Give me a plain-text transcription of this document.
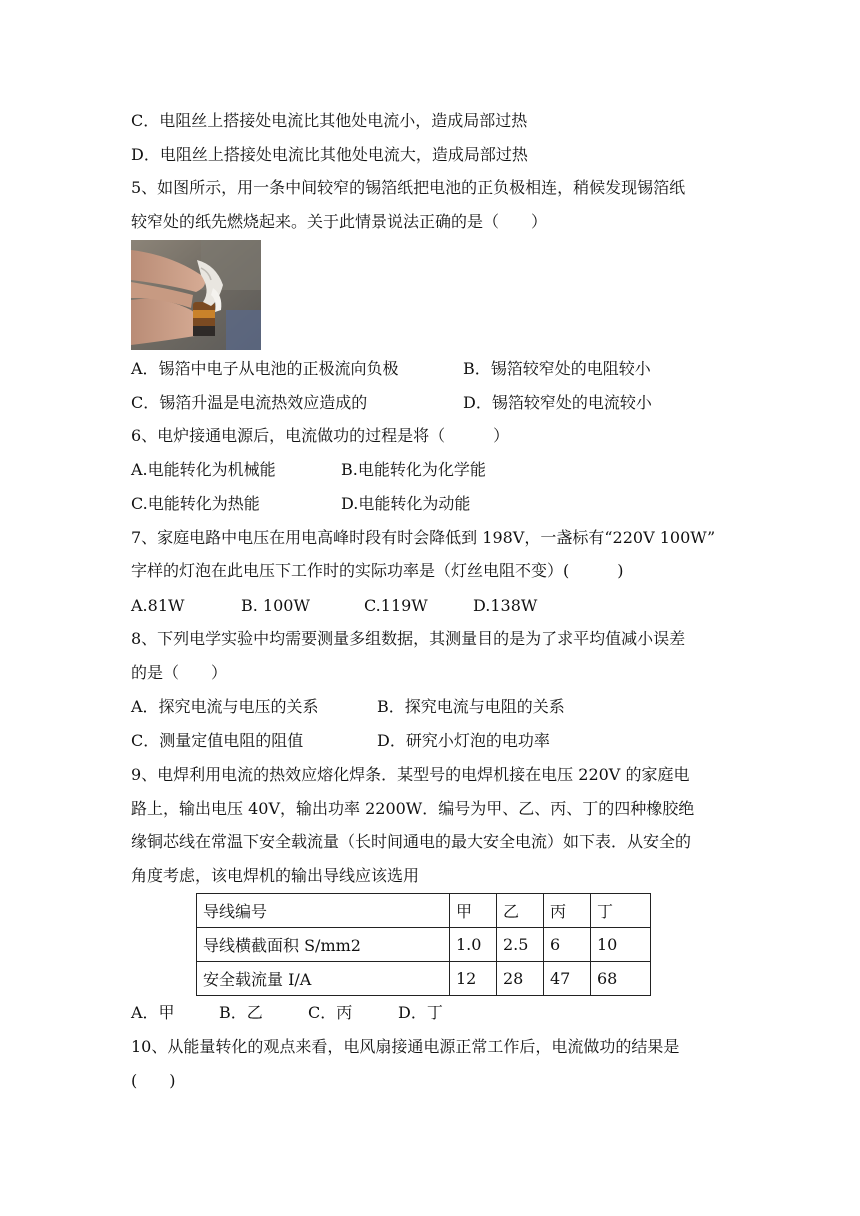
C．电阻丝上搭接处电流比其他处电流小，造成局部过热
D．电阻丝上搭接处电流比其他处电流大，造成局部过热
5、如图所示，用一条中间较窄的锡箔纸把电池的正负极相连，稍候发现锡箔纸
较窄处的纸先燃烧起来。关于此情景说法正确的是（　　）
A．锡箔中电子从电池的正极流向负极	B．锡箔较窄处的电阻较小
C．锡箔升温是电流热效应造成的	D．锡箔较窄处的电流较小
6、电炉接通电源后，电流做功的过程是将（　　　）
A.电能转化为机械能	B.电能转化为化学能
C.电能转化为热能	D.电能转化为动能
7、家庭电路中电压在用电高峰时段有时会降低到 198V，一盏标有“220V 100W”
字样的灯泡在此电压下工作时的实际功率是（灯丝电阻不变）(　　　)
A.81W	B. 100W	C.119W	D.138W
8、下列电学实验中均需要测量多组数据，其测量目的是为了求平均值减小误差
的是（　　）
A．探究电流与电压的关系	B．探究电流与电阻的关系
C．测量定值电阻的阻值	D．研究小灯泡的电功率
9、电焊利用电流的热效应熔化焊条．某型号的电焊机接在电压 220V 的家庭电
路上，输出电压 40V，输出功率 2200W．编号为甲、乙、丙、丁的四种橡胶绝
缘铜芯线在常温下安全载流量（长时间通电的最大安全电流）如下表．从安全的
角度考虑，该电焊机的输出导线应该选用
导线编号	甲	乙	丙	丁
导线横截面积 S/mm2	1.0	2.5	6	10
安全载流量 I/A	12	28	47	68
A．甲	B．乙	C．丙	D．丁
10、从能量转化的观点来看，电风扇接通电源正常工作后，电流做功的结果是
(　　)
